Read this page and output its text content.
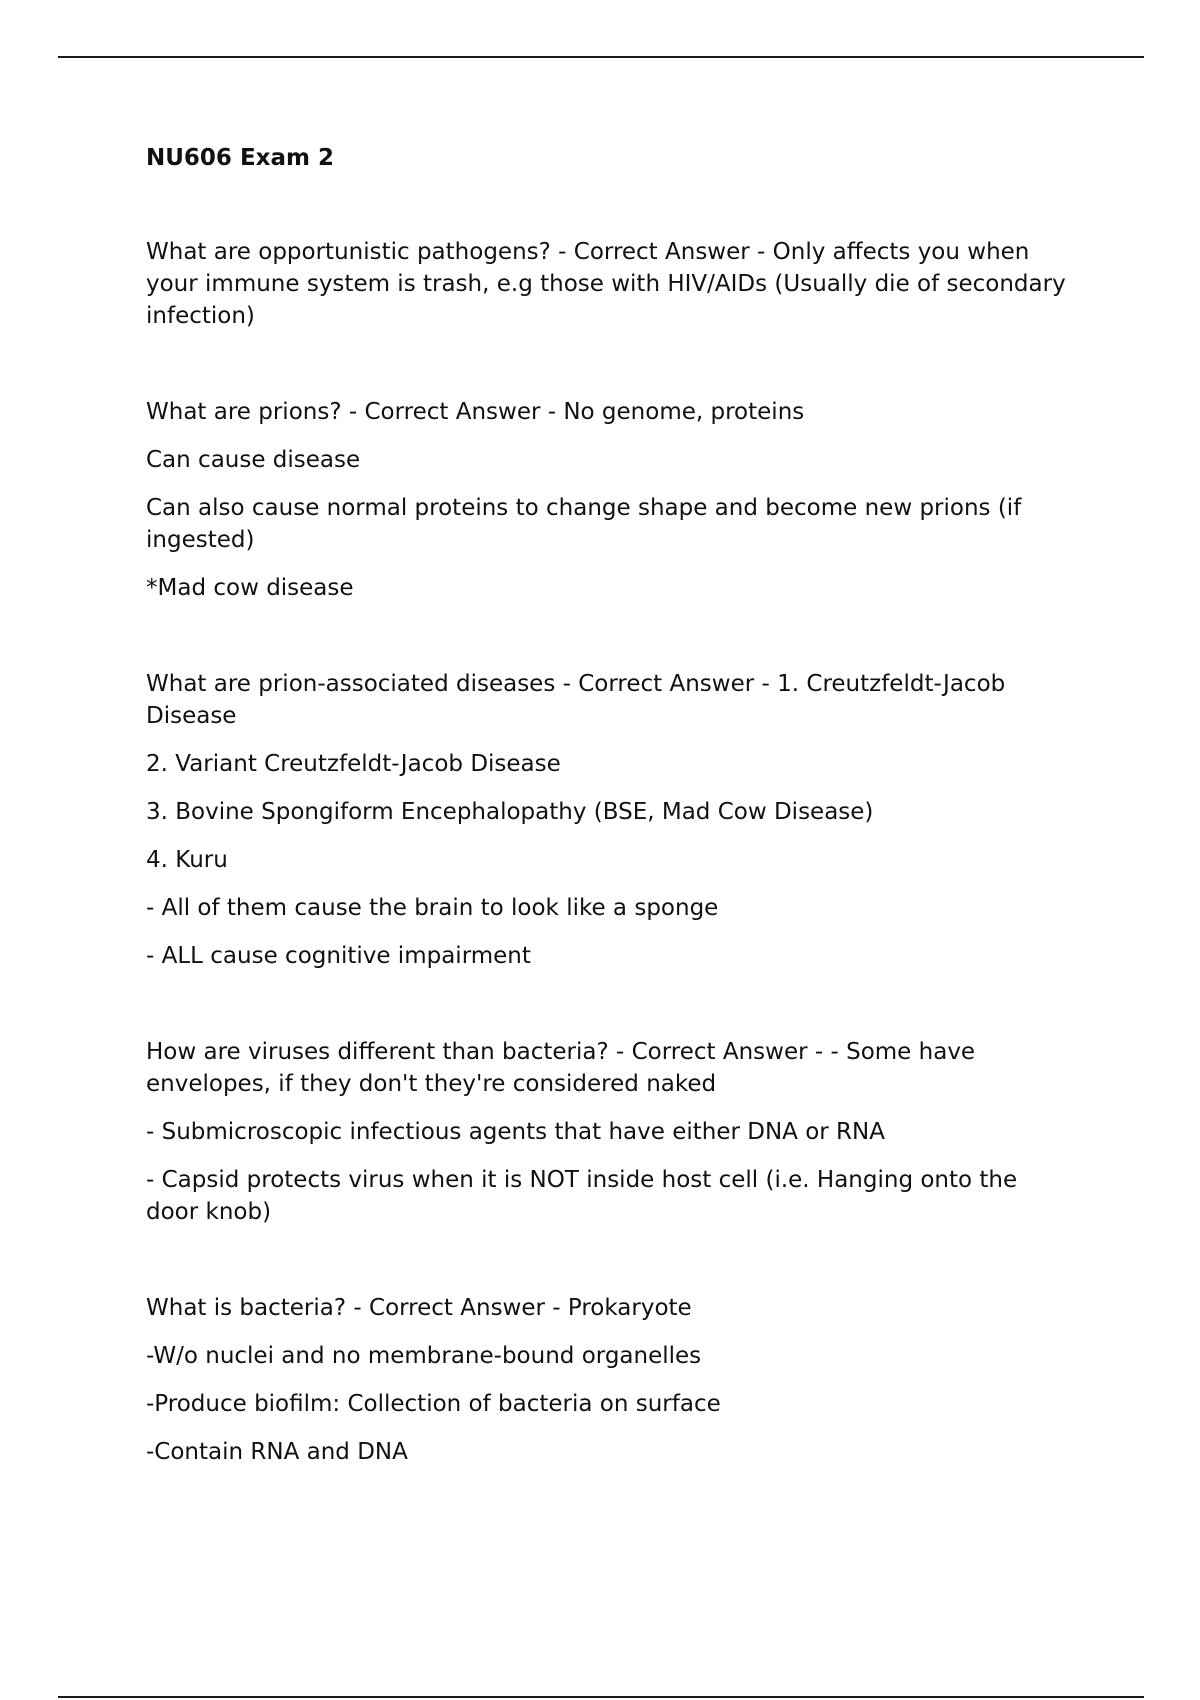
NU606 Exam 2

What are opportunistic pathogens? - Correct Answer - Only affects you when your immune system is trash, e.g those with HIV/AIDs (Usually die of secondary infection)

What are prions? - Correct Answer - No genome, proteins

Can cause disease

Can also cause normal proteins to change shape and become new prions (if ingested)

*Mad cow disease

What are prion-associated diseases - Correct Answer - 1. Creutzfeldt-Jacob Disease

2. Variant Creutzfeldt-Jacob Disease

3. Bovine Spongiform Encephalopathy (BSE, Mad Cow Disease)

4. Kuru

- All of them cause the brain to look like a sponge

- ALL cause cognitive impairment

How are viruses different than bacteria? - Correct Answer - - Some have envelopes, if they don't they're considered naked

- Submicroscopic infectious agents that have either DNA or RNA

- Capsid protects virus when it is NOT inside host cell (i.e. Hanging onto the door knob)

What is bacteria? - Correct Answer - Prokaryote

-W/o nuclei and no membrane-bound organelles

-Produce biofilm: Collection of bacteria on surface

-Contain RNA and DNA
